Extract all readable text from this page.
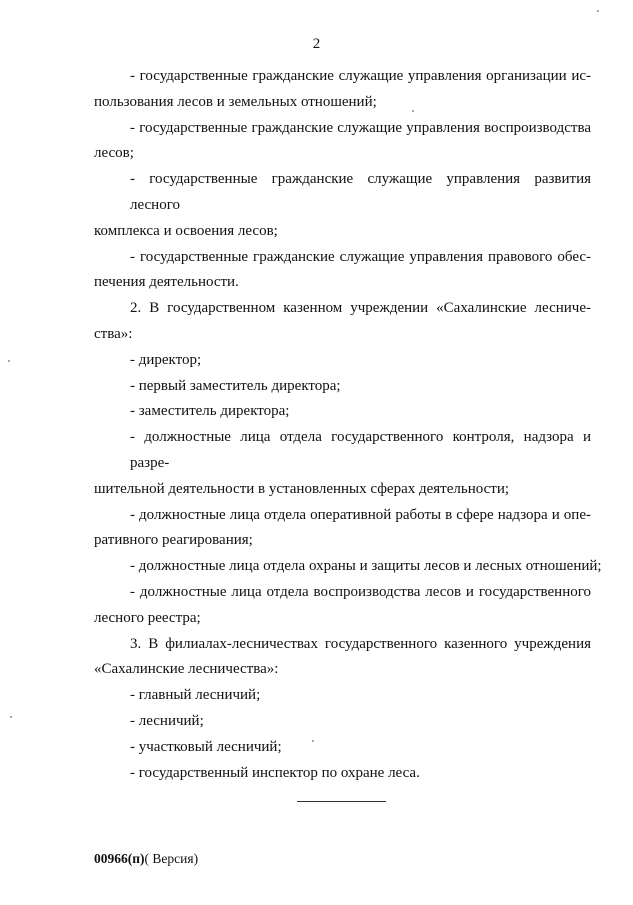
2
- государственные гражданские служащие управления организации ис-
пользования лесов и земельных отношений;
- государственные гражданские служащие управления воспроизводства
лесов;
- государственные гражданские служащие управления развития лесного
комплекса и освоения лесов;
- государственные гражданские служащие управления правового обес-
печения деятельности.
2. В государственном казенном учреждении «Сахалинские лесниче-
ства»:
- директор;
- первый заместитель директора;
- заместитель директора;
- должностные лица отдела государственного контроля, надзора и разре-
шительной деятельности в установленных сферах деятельности;
- должностные лица отдела оперативной работы в сфере надзора и опе-
ративного реагирования;
- должностные лица отдела охраны и защиты лесов и лесных отношений;
- должностные лица отдела воспроизводства лесов и государственного
лесного реестра;
3. В филиалах-лесничествах государственного казенного учреждения
«Сахалинские лесничества»:
- главный лесничий;
- лесничий;
- участковый лесничий;
- государственный инспектор по охране леса.
00966(п)( Версия)
